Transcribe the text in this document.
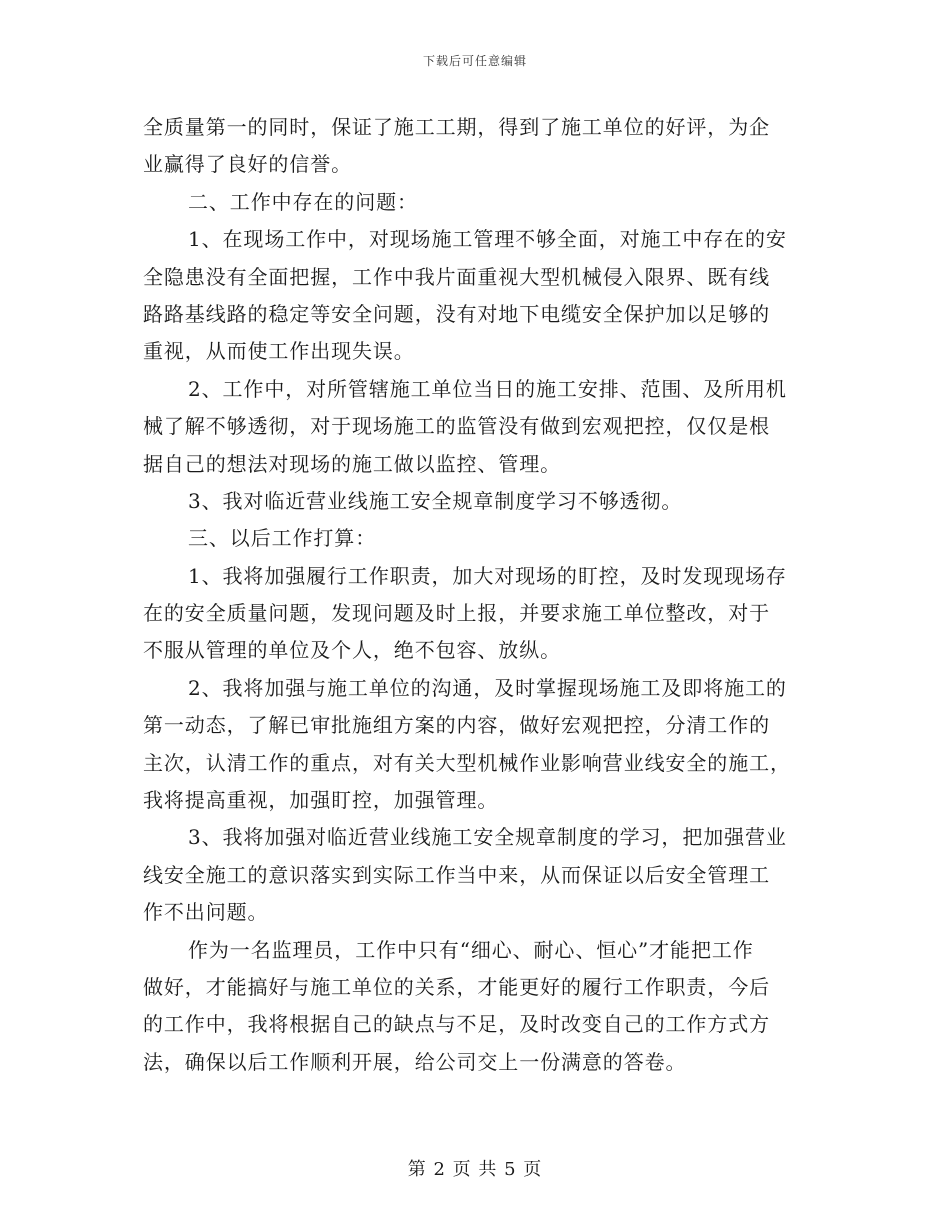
下载后可任意编辑
全质量第一的同时，保证了施工工期，得到了施工单位的好评，为企
业赢得了良好的信誉。
二、工作中存在的问题：
1、在现场工作中，对现场施工管理不够全面，对施工中存在的安
全隐患没有全面把握，工作中我片面重视大型机械侵入限界、既有线
路路基线路的稳定等安全问题，没有对地下电缆安全保护加以足够的
重视，从而使工作出现失误。
2、工作中，对所管辖施工单位当日的施工安排、范围、及所用机
械了解不够透彻，对于现场施工的监管没有做到宏观把控，仅仅是根
据自己的想法对现场的施工做以监控、管理。
3、我对临近营业线施工安全规章制度学习不够透彻。
三、以后工作打算：
1、我将加强履行工作职责，加大对现场的盯控，及时发现现场存
在的安全质量问题，发现问题及时上报，并要求施工单位整改，对于
不服从管理的单位及个人，绝不包容、放纵。
2、我将加强与施工单位的沟通，及时掌握现场施工及即将施工的
第一动态，了解已审批施组方案的内容，做好宏观把控，分清工作的
主次，认清工作的重点，对有关大型机械作业影响营业线安全的施工，
我将提高重视，加强盯控，加强管理。
3、我将加强对临近营业线施工安全规章制度的学习，把加强营业
线安全施工的意识落实到实际工作当中来，从而保证以后安全管理工
作不出问题。
作为一名监理员，工作中只有“细心、耐心、恒心”才能把工作
做好，才能搞好与施工单位的关系，才能更好的履行工作职责，今后
的工作中，我将根据自己的缺点与不足，及时改变自己的工作方式方
法，确保以后工作顺利开展，给公司交上一份满意的答卷。
第 2 页 共 5 页
